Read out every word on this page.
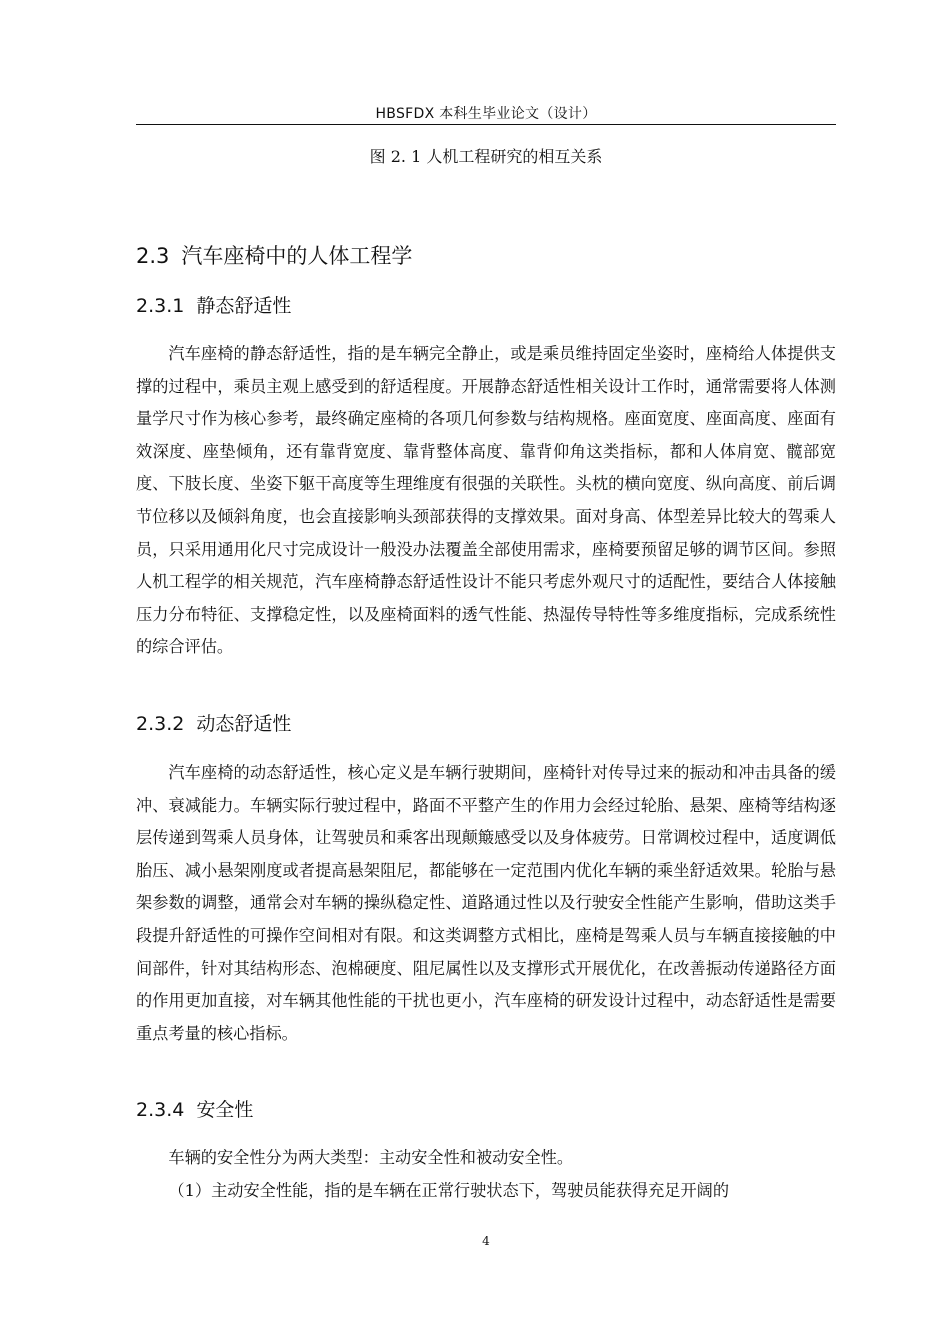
HBSFDX 本科生毕业论文（设计）
图 2. 1 人机工程研究的相互关系
2.3 汽车座椅中的人体工程学
2.3.1 静态舒适性

汽车座椅的静态舒适性，指的是车辆完全静止，或是乘员维持固定坐姿时，座椅给人体提供支撑的过程中，乘员主观上感受到的舒适程度。开展静态舒适性相关设计工作时，通常需要将人体测量学尺寸作为核心参考，最终确定座椅的各项几何参数与结构规格。座面宽度、座面高度、座面有效深度、座垫倾角，还有靠背宽度、靠背整体高度、靠背仰角这类指标，都和人体肩宽、髋部宽度、下肢长度、坐姿下躯干高度等生理维度有很强的关联性。头枕的横向宽度、纵向高度、前后调节位移以及倾斜角度，也会直接影响头颈部获得的支撑效果。面对身高、体型差异比较大的驾乘人员，只采用通用化尺寸完成设计一般没办法覆盖全部使用需求，座椅要预留足够的调节区间。参照人机工程学的相关规范，汽车座椅静态舒适性设计不能只考虑外观尺寸的适配性，要结合人体接触压力分布特征、支撑稳定性，以及座椅面料的透气性能、热湿传导特性等多维度指标，完成系统性的综合评估。

2.3.2 动态舒适性

汽车座椅的动态舒适性，核心定义是车辆行驶期间，座椅针对传导过来的振动和冲击具备的缓冲、衰减能力。车辆实际行驶过程中，路面不平整产生的作用力会经过轮胎、悬架、座椅等结构逐层传递到驾乘人员身体，让驾驶员和乘客出现颠簸感受以及身体疲劳。日常调校过程中，适度调低胎压、减小悬架刚度或者提高悬架阻尼，都能够在一定范围内优化车辆的乘坐舒适效果。轮胎与悬架参数的调整，通常会对车辆的操纵稳定性、道路通过性以及行驶安全性能产生影响，借助这类手段提升舒适性的可操作空间相对有限。和这类调整方式相比，座椅是驾乘人员与车辆直接接触的中间部件，针对其结构形态、泡棉硬度、阻尼属性以及支撑形式开展优化，在改善振动传递路径方面的作用更加直接，对车辆其他性能的干扰也更小，汽车座椅的研发设计过程中，动态舒适性是需要重点考量的核心指标。

2.3.4 安全性

车辆的安全性分为两大类型：主动安全性和被动安全性。

（1）主动安全性能，指的是车辆在正常行驶状态下，驾驶员能获得充足开阔的

4
